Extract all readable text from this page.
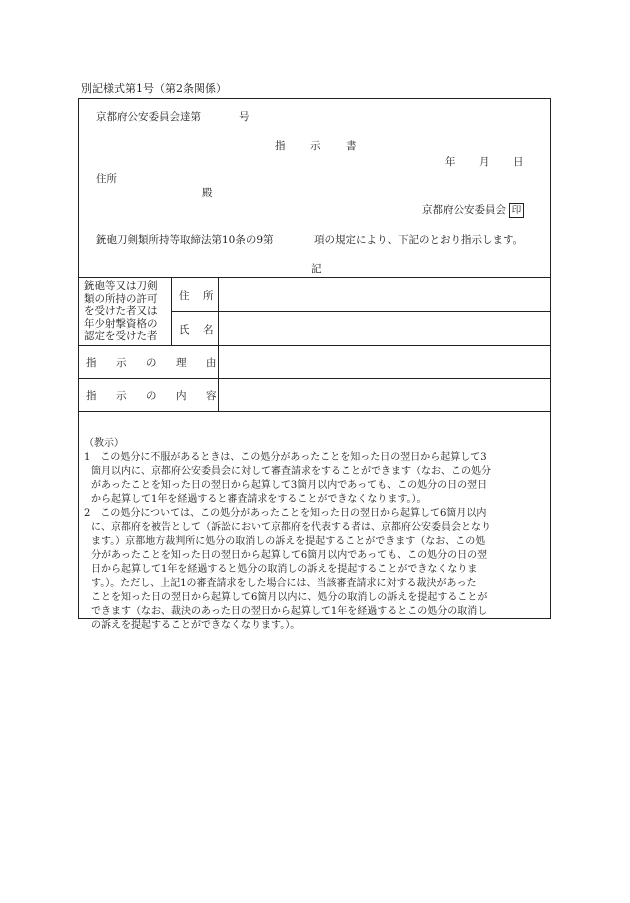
別記様式第1号（第2条関係）
京都府公安委員会達第	号
指 示 書
年 月 日
住所
殿
京都府公安委員会 印
銃砲刀剣類所持等取締法第10条の9第	項の規定により、下記のとおり指示します。
記
銃砲等又は刀剣
類の所持の許可
を受けた者又は
年少射撃資格の
認定を受けた者
住 所
氏 名
指 示 の 理 由
指 示 の 内 容

（教示）

1　この処分に不服があるときは、この処分があったことを知った日の翌日から起算して3

箇月以内に、京都府公安委員会に対して審査請求をすることができます（なお、この処分

があったことを知った日の翌日から起算して3箇月以内であっても、この処分の日の翌日

から起算して1年を経過すると審査請求をすることができなくなります。）。

2　この処分については、この処分があったことを知った日の翌日から起算して6箇月以内

に、京都府を被告として（訴訟において京都府を代表する者は、京都府公安委員会となり

ます。）京都地方裁判所に処分の取消しの訴えを提起することができます（なお、この処

分があったことを知った日の翌日から起算して6箇月以内であっても、この処分の日の翌

日から起算して1年を経過すると処分の取消しの訴えを提起することができなくなりま

す。）。ただし、上記1の審査請求をした場合には、当該審査請求に対する裁決があった

ことを知った日の翌日から起算して6箇月以内に、処分の取消しの訴えを提起することが

できます（なお、裁決のあった日の翌日から起算して1年を経過するとこの処分の取消し

の訴えを提起することができなくなります。）。
